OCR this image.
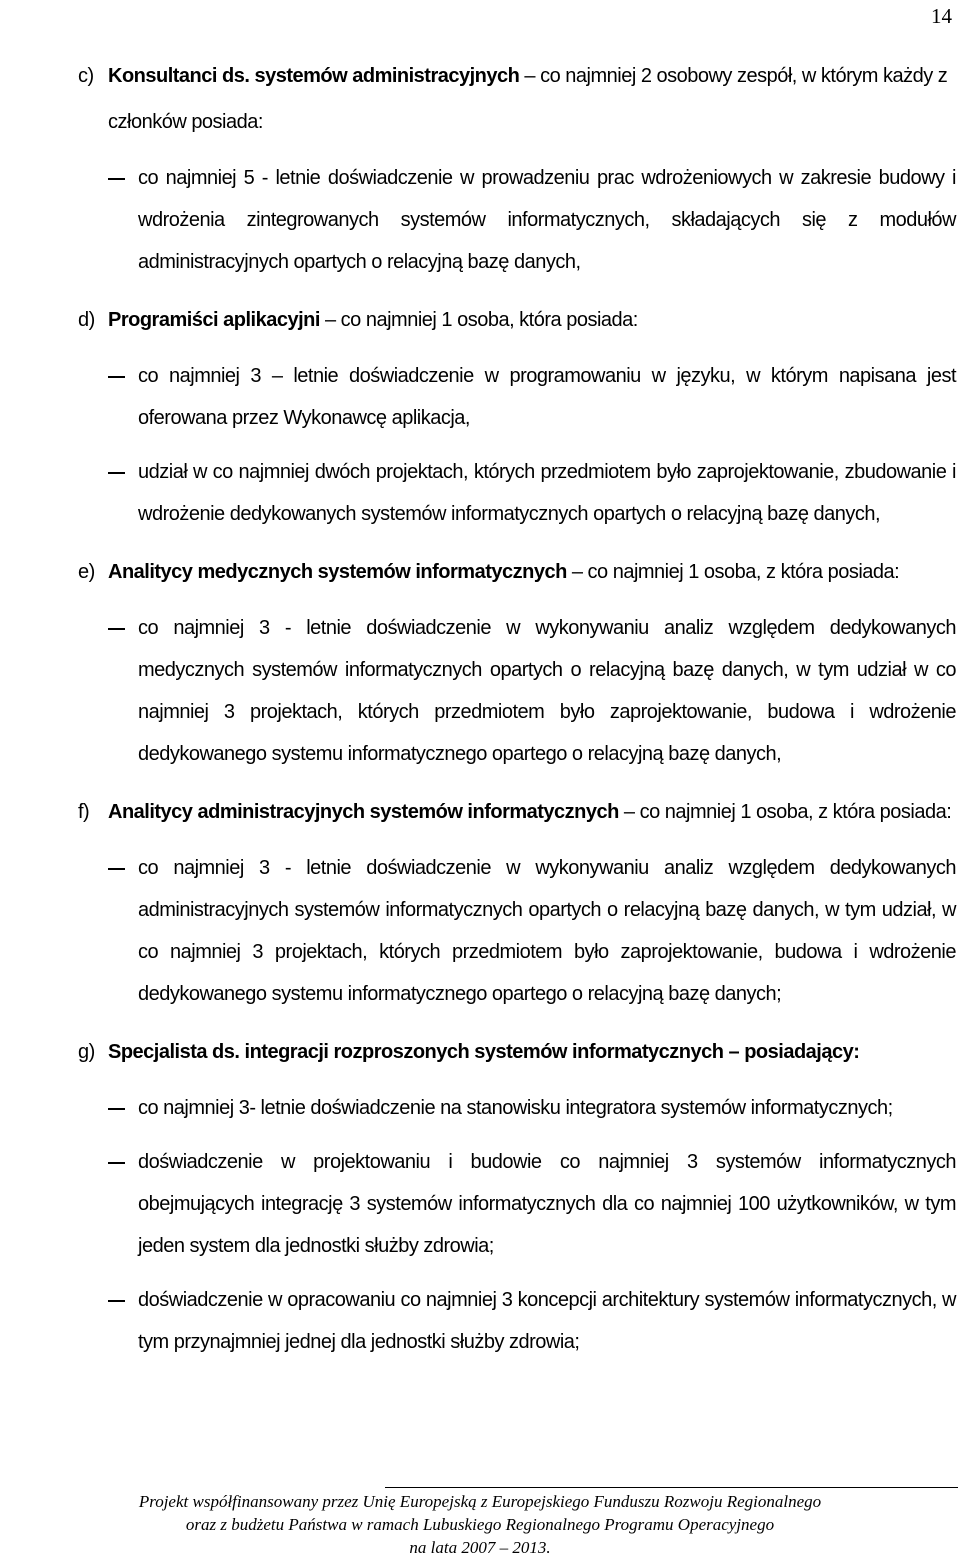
14
c) Konsultanci ds. systemów administracyjnych – co najmniej 2 osobowy zespół, w którym każdy z członków posiada:
co najmniej 5 - letnie doświadczenie w prowadzeniu prac wdrożeniowych w zakresie budowy i wdrożenia zintegrowanych systemów informatycznych, składających się z modułów administracyjnych opartych o relacyjną bazę danych,
d) Programiści aplikacyjni – co najmniej 1 osoba, która posiada:
co najmniej 3 – letnie doświadczenie w programowaniu w języku, w którym napisana jest oferowana przez Wykonawcę aplikacja,
udział w co najmniej dwóch projektach, których przedmiotem było zaprojektowanie, zbudowanie i wdrożenie dedykowanych systemów informatycznych opartych o relacyjną bazę danych,
e) Analitycy medycznych systemów informatycznych – co najmniej 1 osoba, z która posiada:
co najmniej 3 - letnie doświadczenie w wykonywaniu analiz względem dedykowanych medycznych systemów informatycznych opartych o relacyjną bazę danych, w tym udział w co najmniej 3 projektach, których przedmiotem było zaprojektowanie, budowa i wdrożenie dedykowanego systemu informatycznego opartego o relacyjną bazę danych,
f) Analitycy administracyjnych systemów informatycznych – co najmniej 1 osoba, z która posiada:
co najmniej 3 - letnie doświadczenie w wykonywaniu analiz względem dedykowanych administracyjnych systemów informatycznych opartych o relacyjną bazę danych, w tym udział, w co najmniej 3 projektach, których przedmiotem było zaprojektowanie, budowa i wdrożenie dedykowanego systemu informatycznego opartego o relacyjną bazę danych;
g) Specjalista ds. integracji rozproszonych systemów informatycznych – posiadający:
co najmniej 3- letnie doświadczenie na stanowisku integratora systemów informatycznych;
doświadczenie w projektowaniu i budowie co najmniej 3 systemów informatycznych obejmujących integrację 3 systemów informatycznych dla co najmniej 100 użytkowników, w tym jeden system dla jednostki służby zdrowia;
doświadczenie w opracowaniu co najmniej 3 koncepcji architektury systemów informatycznych, w tym przynajmniej jednej dla jednostki służby zdrowia;
Projekt współfinansowany przez Unię Europejską z Europejskiego Funduszu Rozwoju Regionalnego
oraz z budżetu Państwa w ramach Lubuskiego Regionalnego Programu Operacyjnego
na lata 2007 – 2013.
